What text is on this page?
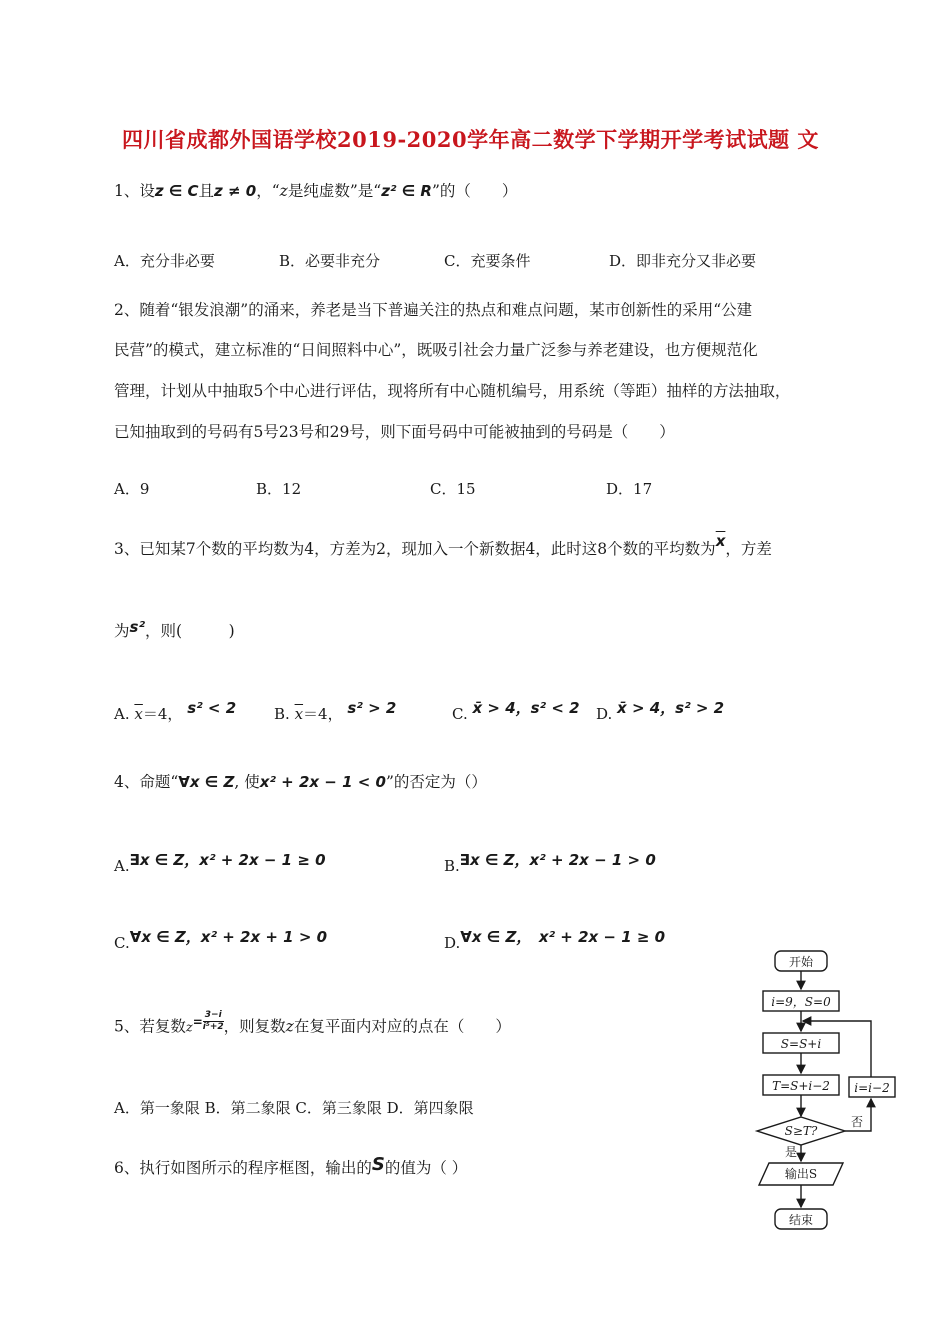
四川省成都外国语学校2019-2020学年高二数学下学期开学考试试题 文
1、设z ∈ C且z ≠ 0，“z是纯虚数”是“z² ∈ R”的（　　）
A．充分非必要	B．必要非充分	C．充要条件	D．即非充分又非必要
2、随着“银发浪潮”的涌来，养老是当下普遍关注的热点和难点问题，某市创新性的采用“公建
民营”的模式，建立标准的“日间照料中心”，既吸引社会力量广泛参与养老建设，也方便规范化
管理，计划从中抽取5个中心进行评估，现将所有中心随机编号，用系统（等距）抽样的方法抽取，
已知抽取到的号码有5号23号和29号，则下面号码中可能被抽到的号码是（　　）
A．9	B．12	C．15	D．17
3、已知某7个数的平均数为4，方差为2，现加入一个新数据4，此时这8个数的平均数为$\overline{x}$，方差
为s²，则(　　　)
A. $\overline{x}=4$， s² < 2	B. $\overline{x}=4$， s² > 2	C. x̄ > 4，s² < 2 D. x̄ > 4，s² > 2
4、命题“∀x ∈ Z, 使x² + 2x − 1 < 0”的否定为（）
A.∃x ∈ Z，x² + 2x − 1 ≥ 0	B.∃x ∈ Z，x² + 2x − 1 > 0
C.∀x ∈ Z，x² + 2x + 1 > 0	D.∀x ∈ Z，　x² + 2x − 1 ≥ 0
5、若复数$z = \frac{3-i}{\text{i⁵+2}}$ ，则复数z在复平面内对应的点在（　　）
A．第一象限 B．第二象限 C．第三象限 D．第四象限
6、执行如图所示的程序框图，输出的S的值为（ ）
开始
i=9，S=0
S=S+i
T=S+i−2
S≥T?
是
否
i=i−2
输出S
结束
